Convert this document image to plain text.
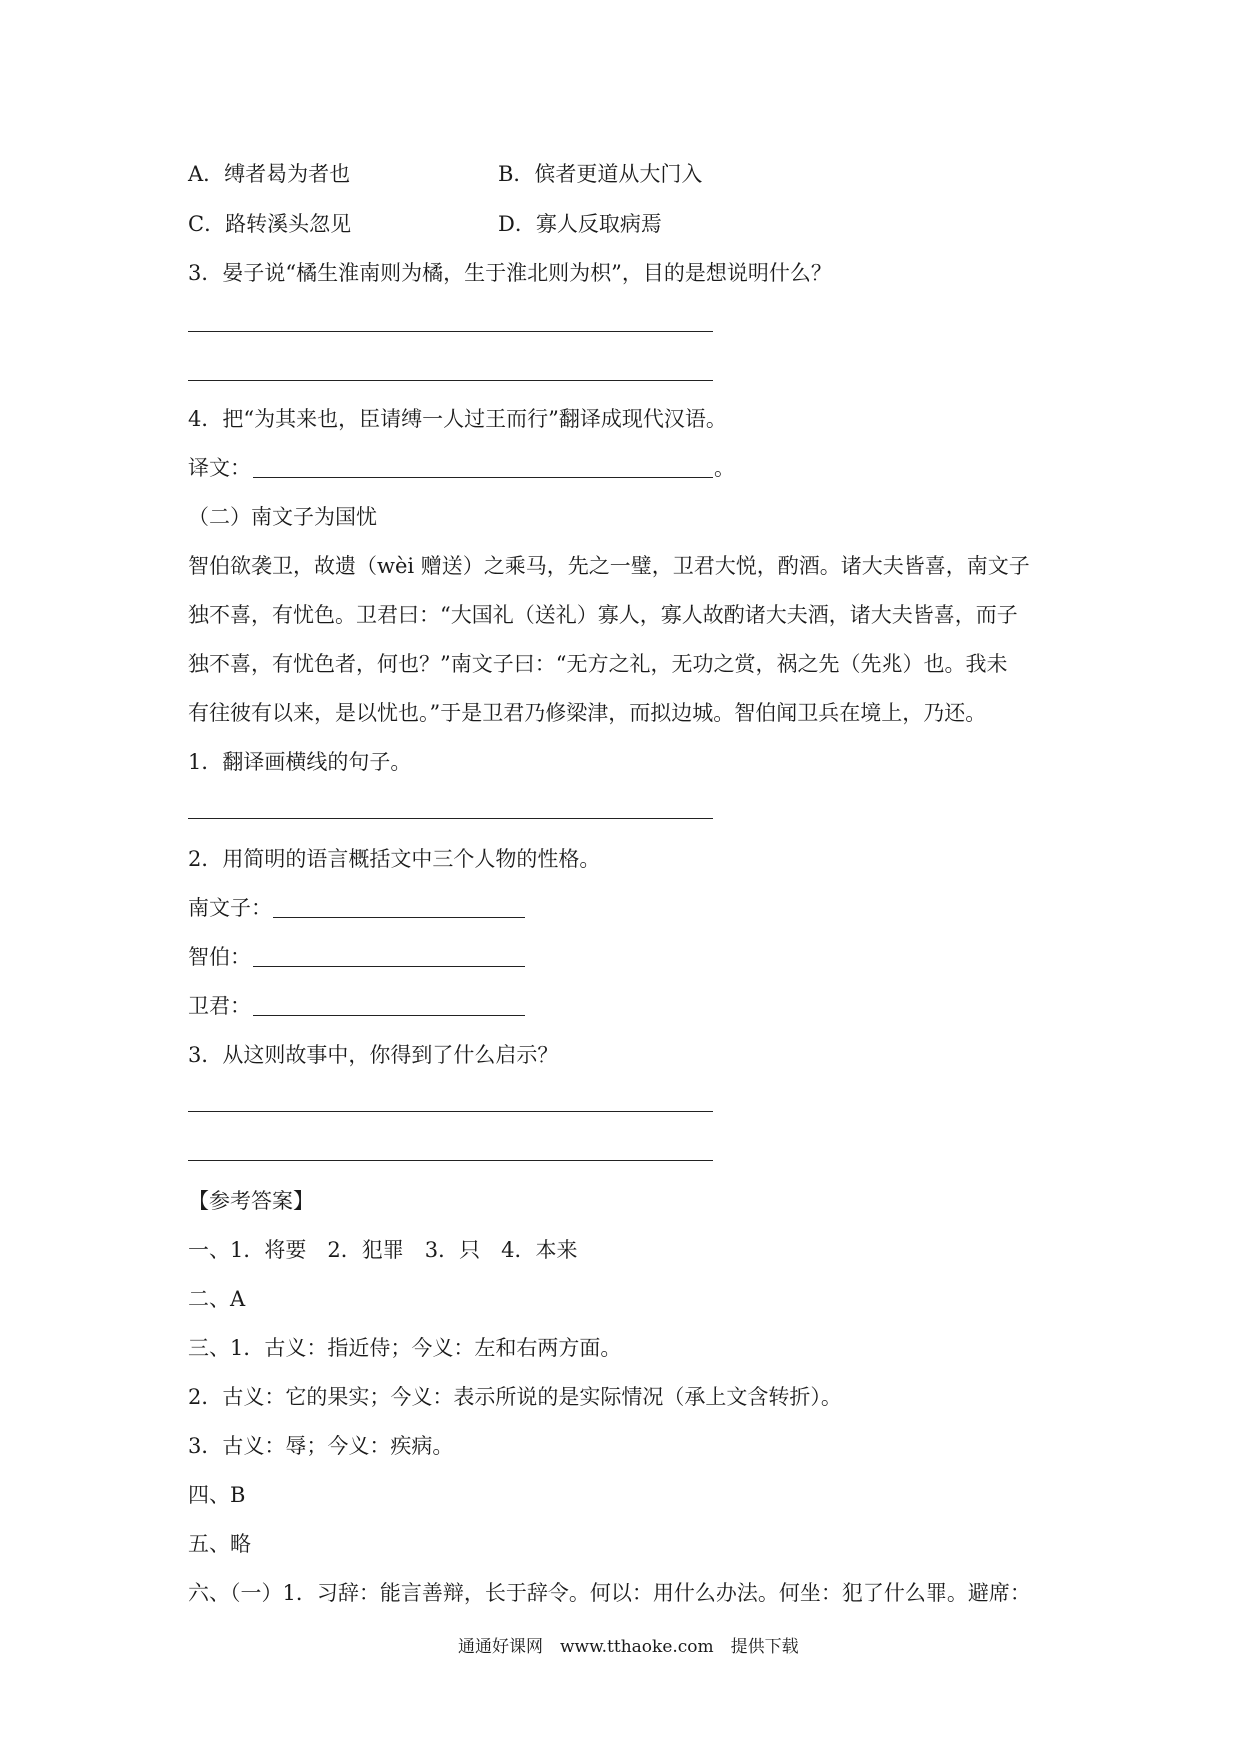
A．缚者曷为者也	B．傧者更道从大门入
C．路转溪头忽见	D．寡人反取病焉
3．晏子说“橘生淮南则为橘，生于淮北则为枳”，目的是想说明什么？
4．把“为其来也，臣请缚一人过王而行”翻译成现代汉语。
译文：	。
（二）南文子为国忧
智伯欲袭卫，故遗（wèi 赠送）之乘马，先之一璧，卫君大悦，酌酒。诸大夫皆喜，南文子
独不喜，有忧色。卫君曰：“大国礼（送礼）寡人，寡人故酌诸大夫酒，诸大夫皆喜，而子
独不喜，有忧色者，何也？”南文子曰：“无方之礼，无功之赏，祸之先（先兆）也。我未
有往彼有以来，是以忧也。”于是卫君乃修梁津，而拟边城。智伯闻卫兵在境上，乃还。
1．翻译画横线的句子。
2．用简明的语言概括文中三个人物的性格。
南文子：
智伯：
卫君：
3．从这则故事中，你得到了什么启示？
【参考答案】
一、1．将要　2．犯罪　3．只　4．本来
二、A
三、1．古义：指近侍；今义：左和右两方面。
2．古义：它的果实；今义：表示所说的是实际情况（承上文含转折）。
3．古义：辱；今义：疾病。
四、B
五、略
六、（一）1．习辞：能言善辩，长于辞令。何以：用什么办法。何坐：犯了什么罪。避席：
通通好课网　www.tthaoke.com　提供下载
